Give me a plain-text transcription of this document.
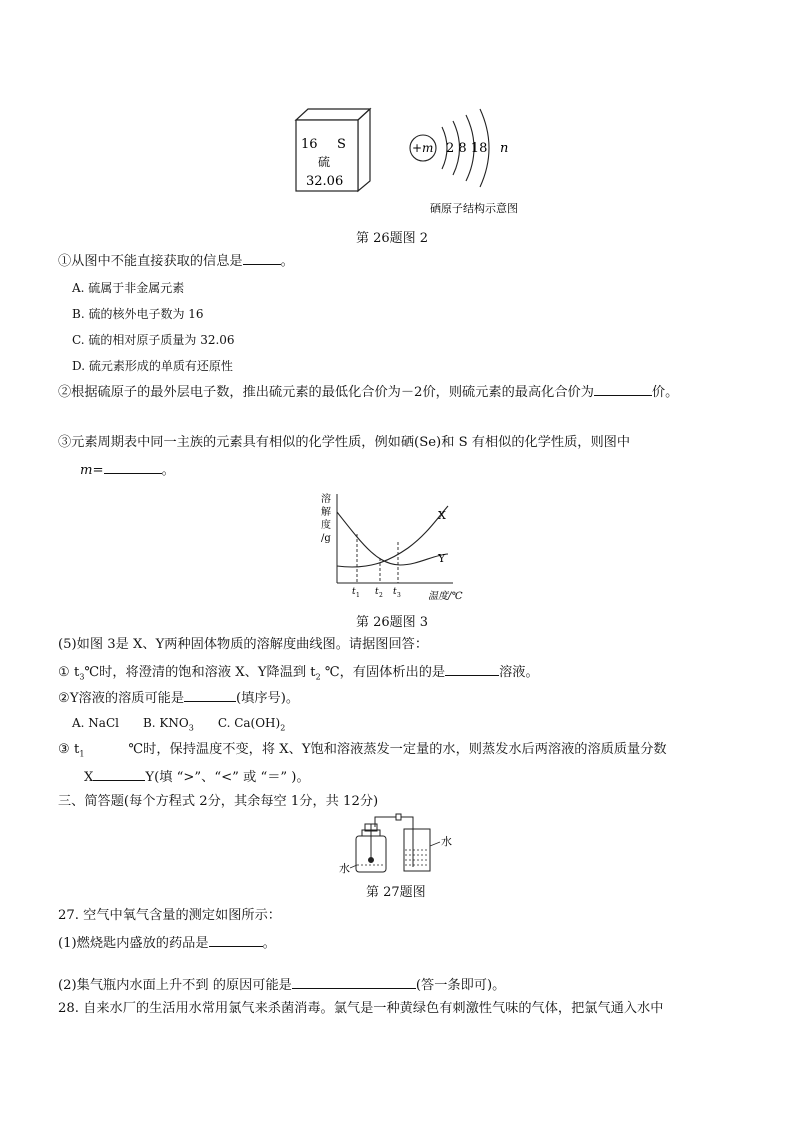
16 S
硫
32.06
+m 2 8 18 n
硒原子结构示意图
第 26题图 2
①从图中不能直接获取的信息是	。
A. 硫属于非金属元素
B. 硫的核外电子数为 16
C. 硫的相对原子质量为 32.06
D. 硫元素形成的单质有还原性
②根据硫原子的最外层电子数，推出硫元素的最低化合价为－2价，则硫元素的最高化合价为	价。
③元素周期表中同一主族的元素具有相似的化学性质，例如硒(Se)和 S 有相似的化学性质，则图中
m=	。
溶
解
度
/g
X
Y
t 1 t 2 t 3	温度/℃
第 26题图 3
(5)如图 3是 X、Y两种固体物质的溶解度曲线图。请据图回答：
① $t_3℃$时，将澄清的饱和溶液 X、Y降温到 $t_2$ ℃，有固体析出的是	溶液。
②Y溶液的溶质可能是	(填序号)。
A. NaCl B. $KNO_3$ C. $Ca(OH)_2$
③ $t_1$	℃时，保持温度不变，将 X、Y饱和溶液蒸发一定量的水，则蒸发水后两溶液的溶质质量分数
X	Y(填 “>”、“<” 或 “＝” )。
三、简答题(每个方程式 2分，其余每空 1分，共 12分)
水
水
第 27题图
27. 空气中氧气含量的测定如图所示：
(1)燃烧匙内盛放的药品是	。
(2)集气瓶内水面上升不到 的原因可能是	(答一条即可)。
28. 自来水厂的生活用水常用氯气来杀菌消毒。氯气是一种黄绿色有刺激性气味的气体，把氯气通入水中
